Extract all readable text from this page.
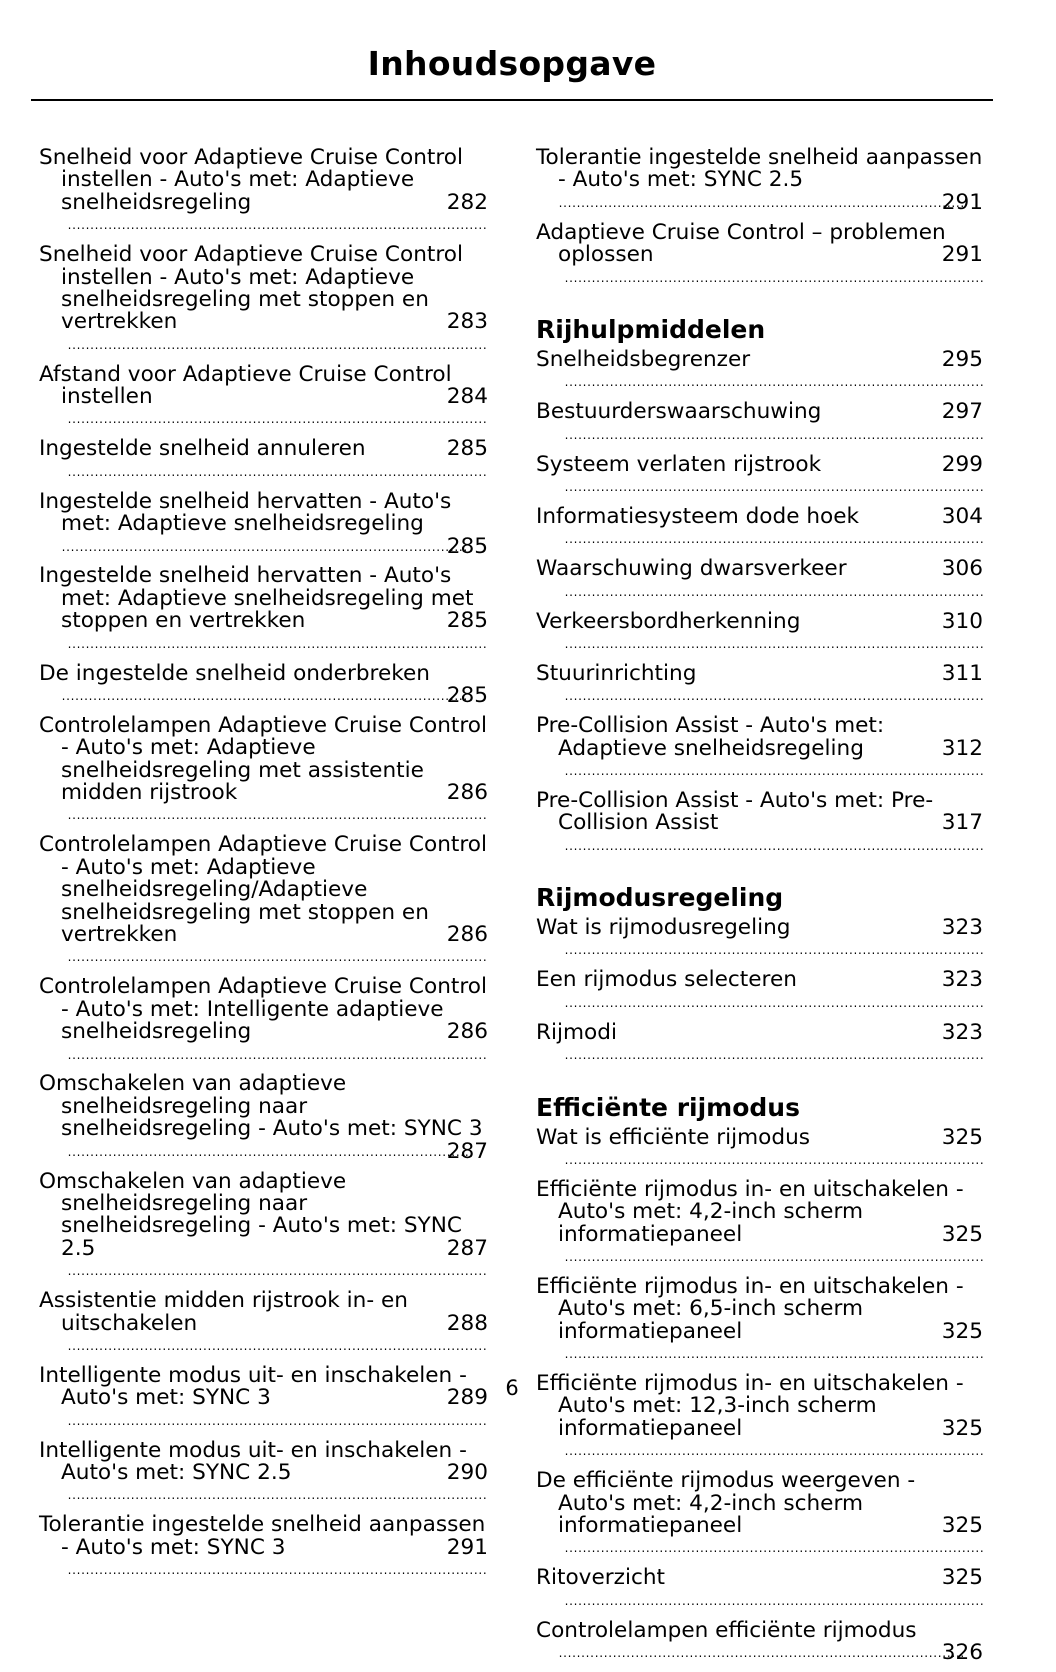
Inhoudsopgave
Snelheid voor Adaptieve Cruise Control instellen - Auto's met: Adaptieve snelheidsregeling	282
.....
Snelheid voor Adaptieve Cruise Control instellen - Auto's met: Adaptieve snelheidsregeling met stoppen en vertrekken	283
.....
Afstand voor Adaptieve Cruise Control instellen	284
.....
Ingestelde snelheid annuleren	285
.....
Ingestelde snelheid hervatten - Auto's met: Adaptieve snelheidsregeling

285
.....
Ingestelde snelheid hervatten - Auto's met: Adaptieve snelheidsregeling met stoppen en vertrekken	285
.....
De ingestelde snelheid onderbreken

285
.....
Controlelampen Adaptieve Cruise Control - Auto's met: Adaptieve snelheidsregeling met assistentie midden rijstrook	286
.....
Controlelampen Adaptieve Cruise Control - Auto's met: Adaptieve snelheidsregeling/Adaptieve snelheidsregeling met stoppen en vertrekken	286
.....
Controlelampen Adaptieve Cruise Control - Auto's met: Intelligente adaptieve snelheidsregeling	286
.....
Omschakelen van adaptieve snelheidsregeling naar snelheidsregeling - Auto's met: SYNC 3
287
.....
Omschakelen van adaptieve snelheidsregeling naar snelheidsregeling - Auto's met: SYNC 2.5	287
.....
Assistentie midden rijstrook in- en uitschakelen	288
.....
Intelligente modus uit- en inschakelen - Auto's met: SYNC 3	289
.....
Intelligente modus uit- en inschakelen - Auto's met: SYNC 2.5	290
.....
Tolerantie ingestelde snelheid aanpassen - Auto's met: SYNC 3	291
.....
Tolerantie ingestelde snelheid aanpassen - Auto's met: SYNC 2.5

291
.....
Adaptieve Cruise Control – problemen oplossen	291
.....
Rijhulpmiddelen
Snelheidsbegrenzer	295
.....
Bestuurderswaarschuwing	297
.....
Systeem verlaten rijstrook	299
.....
Informatiesysteem dode hoek	304
.....
Waarschuwing dwarsverkeer	306
.....
Verkeersbordherkenning	310
.....
Stuurinrichting	311
.....
Pre-Collision Assist - Auto's met: Adaptieve snelheidsregeling	312
.....
Pre-Collision Assist - Auto's met: Pre-Collision Assist	317
.....
Rijmodusregeling
Wat is rijmodusregeling	323
.....
Een rijmodus selecteren	323
.....
Rijmodi	323
.....
Efficiënte rijmodus
Wat is efficiënte rijmodus	325
.....
Efficiënte rijmodus in- en uitschakelen - Auto's met: 4,2-inch scherm informatiepaneel	325
.....
Efficiënte rijmodus in- en uitschakelen - Auto's met: 6,5-inch scherm informatiepaneel	325
.....
Efficiënte rijmodus in- en uitschakelen - Auto's met: 12,3-inch scherm informatiepaneel	325
.....
De efficiënte rijmodus weergeven - Auto's met: 4,2-inch scherm informatiepaneel	325
.....
Ritoverzicht	325
.....
Controlelampen efficiënte rijmodus

326
.....
6
